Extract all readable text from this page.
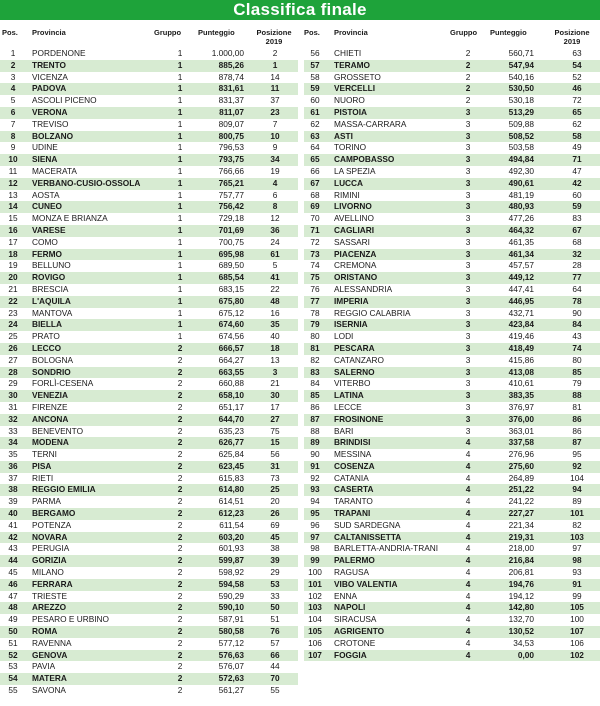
Classifica finale
Pos. Provincia	Gruppo Punteggio	Posizione 2019
1	PORDENONE	1	1.000,00	2
2	TRENTO	1	885,26	1
3	VICENZA	1	878,74	14
4	PADOVA	1	831,61	11
5	ASCOLI PICENO	1	831,37	37
6	VERONA	1	811,07	23
7	TREVISO	1	809,07	7
8	BOLZANO	1	800,75	10
9	UDINE	1	796,53	9
10	SIENA	1	793,75	34
11	MACERATA	1	766,66	19
12	VERBANO-CUSIO-OSSOLA	1	765,21	4
13	AOSTA	1	757,77	6
14	CUNEO	1	756,42	8
15	MONZA E BRIANZA	1	729,18	12
16	VARESE	1	701,69	36
17	COMO	1	700,75	24
18	FERMO	1	695,98	61
19	BELLUNO	1	689,50	5
20	ROVIGO	1	685,54	41
21	BRESCIA	1	683,15	22
22	L'AQUILA	1	675,80	48
23	MANTOVA	1	675,12	16
24	BIELLA	1	674,60	35
25	PRATO	1	674,56	40
26	LECCO	2	666,57	18
27	BOLOGNA	2	664,27	13
28	SONDRIO	2	663,55	3
29	FORLÌ-CESENA	2	660,88	21
30	VENEZIA	2	658,10	30
31	FIRENZE	2	651,17	17
32	ANCONA	2	644,70	27
33	BENEVENTO	2	635,23	75
34	MODENA	2	626,77	15
35	TERNI	2	625,84	56
36	PISA	2	623,45	31
37	RIETI	2	615,83	73
38	REGGIO EMILIA	2	614,80	25
39	PARMA	2	614,51	20
40	BERGAMO	2	612,23	26
41	POTENZA	2	611,54	69
42	NOVARA	2	603,20	45
43	PERUGIA	2	601,93	38
44	GORIZIA	2	599,87	39
45	MILANO	2	598,92	29
46	FERRARA	2	594,58	53
47	TRIESTE	2	590,29	33
48	AREZZO	2	590,10	50
49	PESARO E URBINO	2	587,91	51
50	ROMA	2	580,58	76
51	RAVENNA	2	577,12	57
52	GENOVA	2	576,63	66
53	PAVIA	2	576,07	44
54	MATERA	2	572,63	70
55	SAVONA	2	561,27	55
Pos. Provincia	Gruppo Punteggio	Posizione 2019
56	CHIETI	2	560,71	63
57	TERAMO	2	547,94	54
58	GROSSETO	2	540,16	52
59	VERCELLI	2	530,50	46
60	NUORO	2	530,18	72
61	PISTOIA	3	513,29	65
62	MASSA-CARRARA	3	509,88	62
63	ASTI	3	508,52	58
64	TORINO	3	503,58	49
65	CAMPOBASSO	3	494,84	71
66	LA SPEZIA	3	492,30	47
67	LUCCA	3	490,61	42
68	RIMINI	3	481,19	60
69	LIVORNO	3	480,93	59
70	AVELLINO	3	477,26	83
71	CAGLIARI	3	464,32	67
72	SASSARI	3	461,35	68
73	PIACENZA	3	461,34	32
74	CREMONA	3	457,57	28
75	ORISTANO	3	449,12	77
76	ALESSANDRIA	3	447,41	64
77	IMPERIA	3	446,95	78
78	REGGIO CALABRIA	3	432,71	90
79	ISERNIA	3	423,84	84
80	LODI	3	419,46	43
81	PESCARA	3	418,49	74
82	CATANZARO	3	415,86	80
83	SALERNO	3	413,08	85
84	VITERBO	3	410,61	79
85	LATINA	3	383,35	88
86	LECCE	3	376,97	81
87	FROSINONE	3	376,00	86
88	BARI	3	363,01	86
89	BRINDISI	4	337,58	87
90	MESSINA	4	276,96	95
91	COSENZA	4	275,60	92
92	CATANIA	4	264,89	104
93	CASERTA	4	251,22	94
94	TARANTO	4	241,22	89
95	TRAPANI	4	227,27	101
96	SUD SARDEGNA	4	221,34	82
97	CALTANISSETTA	4	219,31	103
98	BARLETTA-ANDRIA-TRANI	4	218,00	97
99	PALERMO	4	216,84	98
100	RAGUSA	4	206,81	93
101	VIBO VALENTIA	4	194,76	91
102	ENNA	4	194,12	99
103	NAPOLI	4	142,80	105
104	SIRACUSA	4	132,70	100
105	AGRIGENTO	4	130,52	107
106	CROTONE	4	34,53	106
107	FOGGIA	4	0,00	102
